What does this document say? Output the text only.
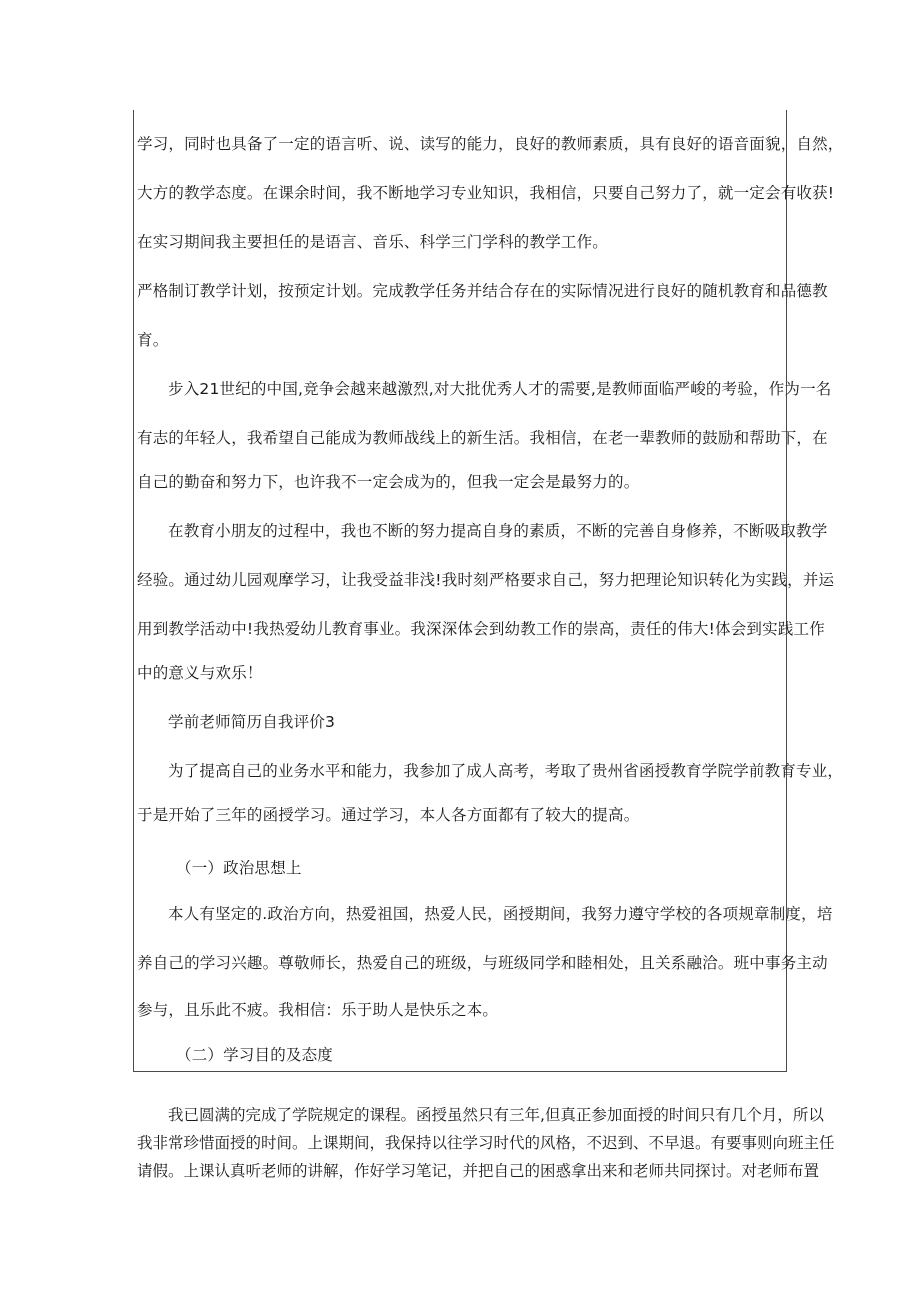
学习，同时也具备了一定的语言听、说、读写的能力，良好的教师素质，具有良好的语音面貌，自然，
大方的教学态度。在课余时间，我不断地学习专业知识，我相信，只要自己努力了，就一定会有收获!
在实习期间我主要担任的是语言、音乐、科学三门学科的教学工作。
严格制订教学计划，按预定计划。完成教学任务并结合存在的实际情况进行良好的随机教育和品德教
育。
步入21世纪的中国,竞争会越来越激烈,对大批优秀人才的需要,是教师面临严峻的考验，作为一名
有志的年轻人，我希望自己能成为教师战线上的新生活。我相信，在老一辈教师的鼓励和帮助下，在
自己的勤奋和努力下，也许我不一定会成为的，但我一定会是最努力的。
在教育小朋友的过程中，我也不断的努力提高自身的素质，不断的完善自身修养，不断吸取教学
经验。通过幼儿园观摩学习，让我受益非浅!我时刻严格要求自己，努力把理论知识转化为实践，并运
用到教学活动中!我热爱幼儿教育事业。我深深体会到幼教工作的崇高，责任的伟大!体会到实践工作
中的意义与欢乐！
学前老师简历自我评价3
为了提高自己的业务水平和能力，我参加了成人高考，考取了贵州省函授教育学院学前教育专业，
于是开始了三年的函授学习。通过学习，本人各方面都有了较大的提高。
（一）政治思想上
本人有坚定的.政治方向，热爱祖国，热爱人民，函授期间，我努力遵守学校的各项规章制度，培
养自己的学习兴趣。尊敬师长，热爱自己的班级，与班级同学和睦相处，且关系融洽。班中事务主动
参与，且乐此不疲。我相信：乐于助人是快乐之本。
（二）学习目的及态度
我已圆满的完成了学院规定的课程。函授虽然只有三年,但真正参加面授的时间只有几个月，所以
我非常珍惜面授的时间。上课期间，我保持以往学习时代的风格，不迟到、不早退。有要事则向班主任
请假。上课认真听老师的讲解，作好学习笔记，并把自己的困惑拿出来和老师共同探讨。对老师布置
